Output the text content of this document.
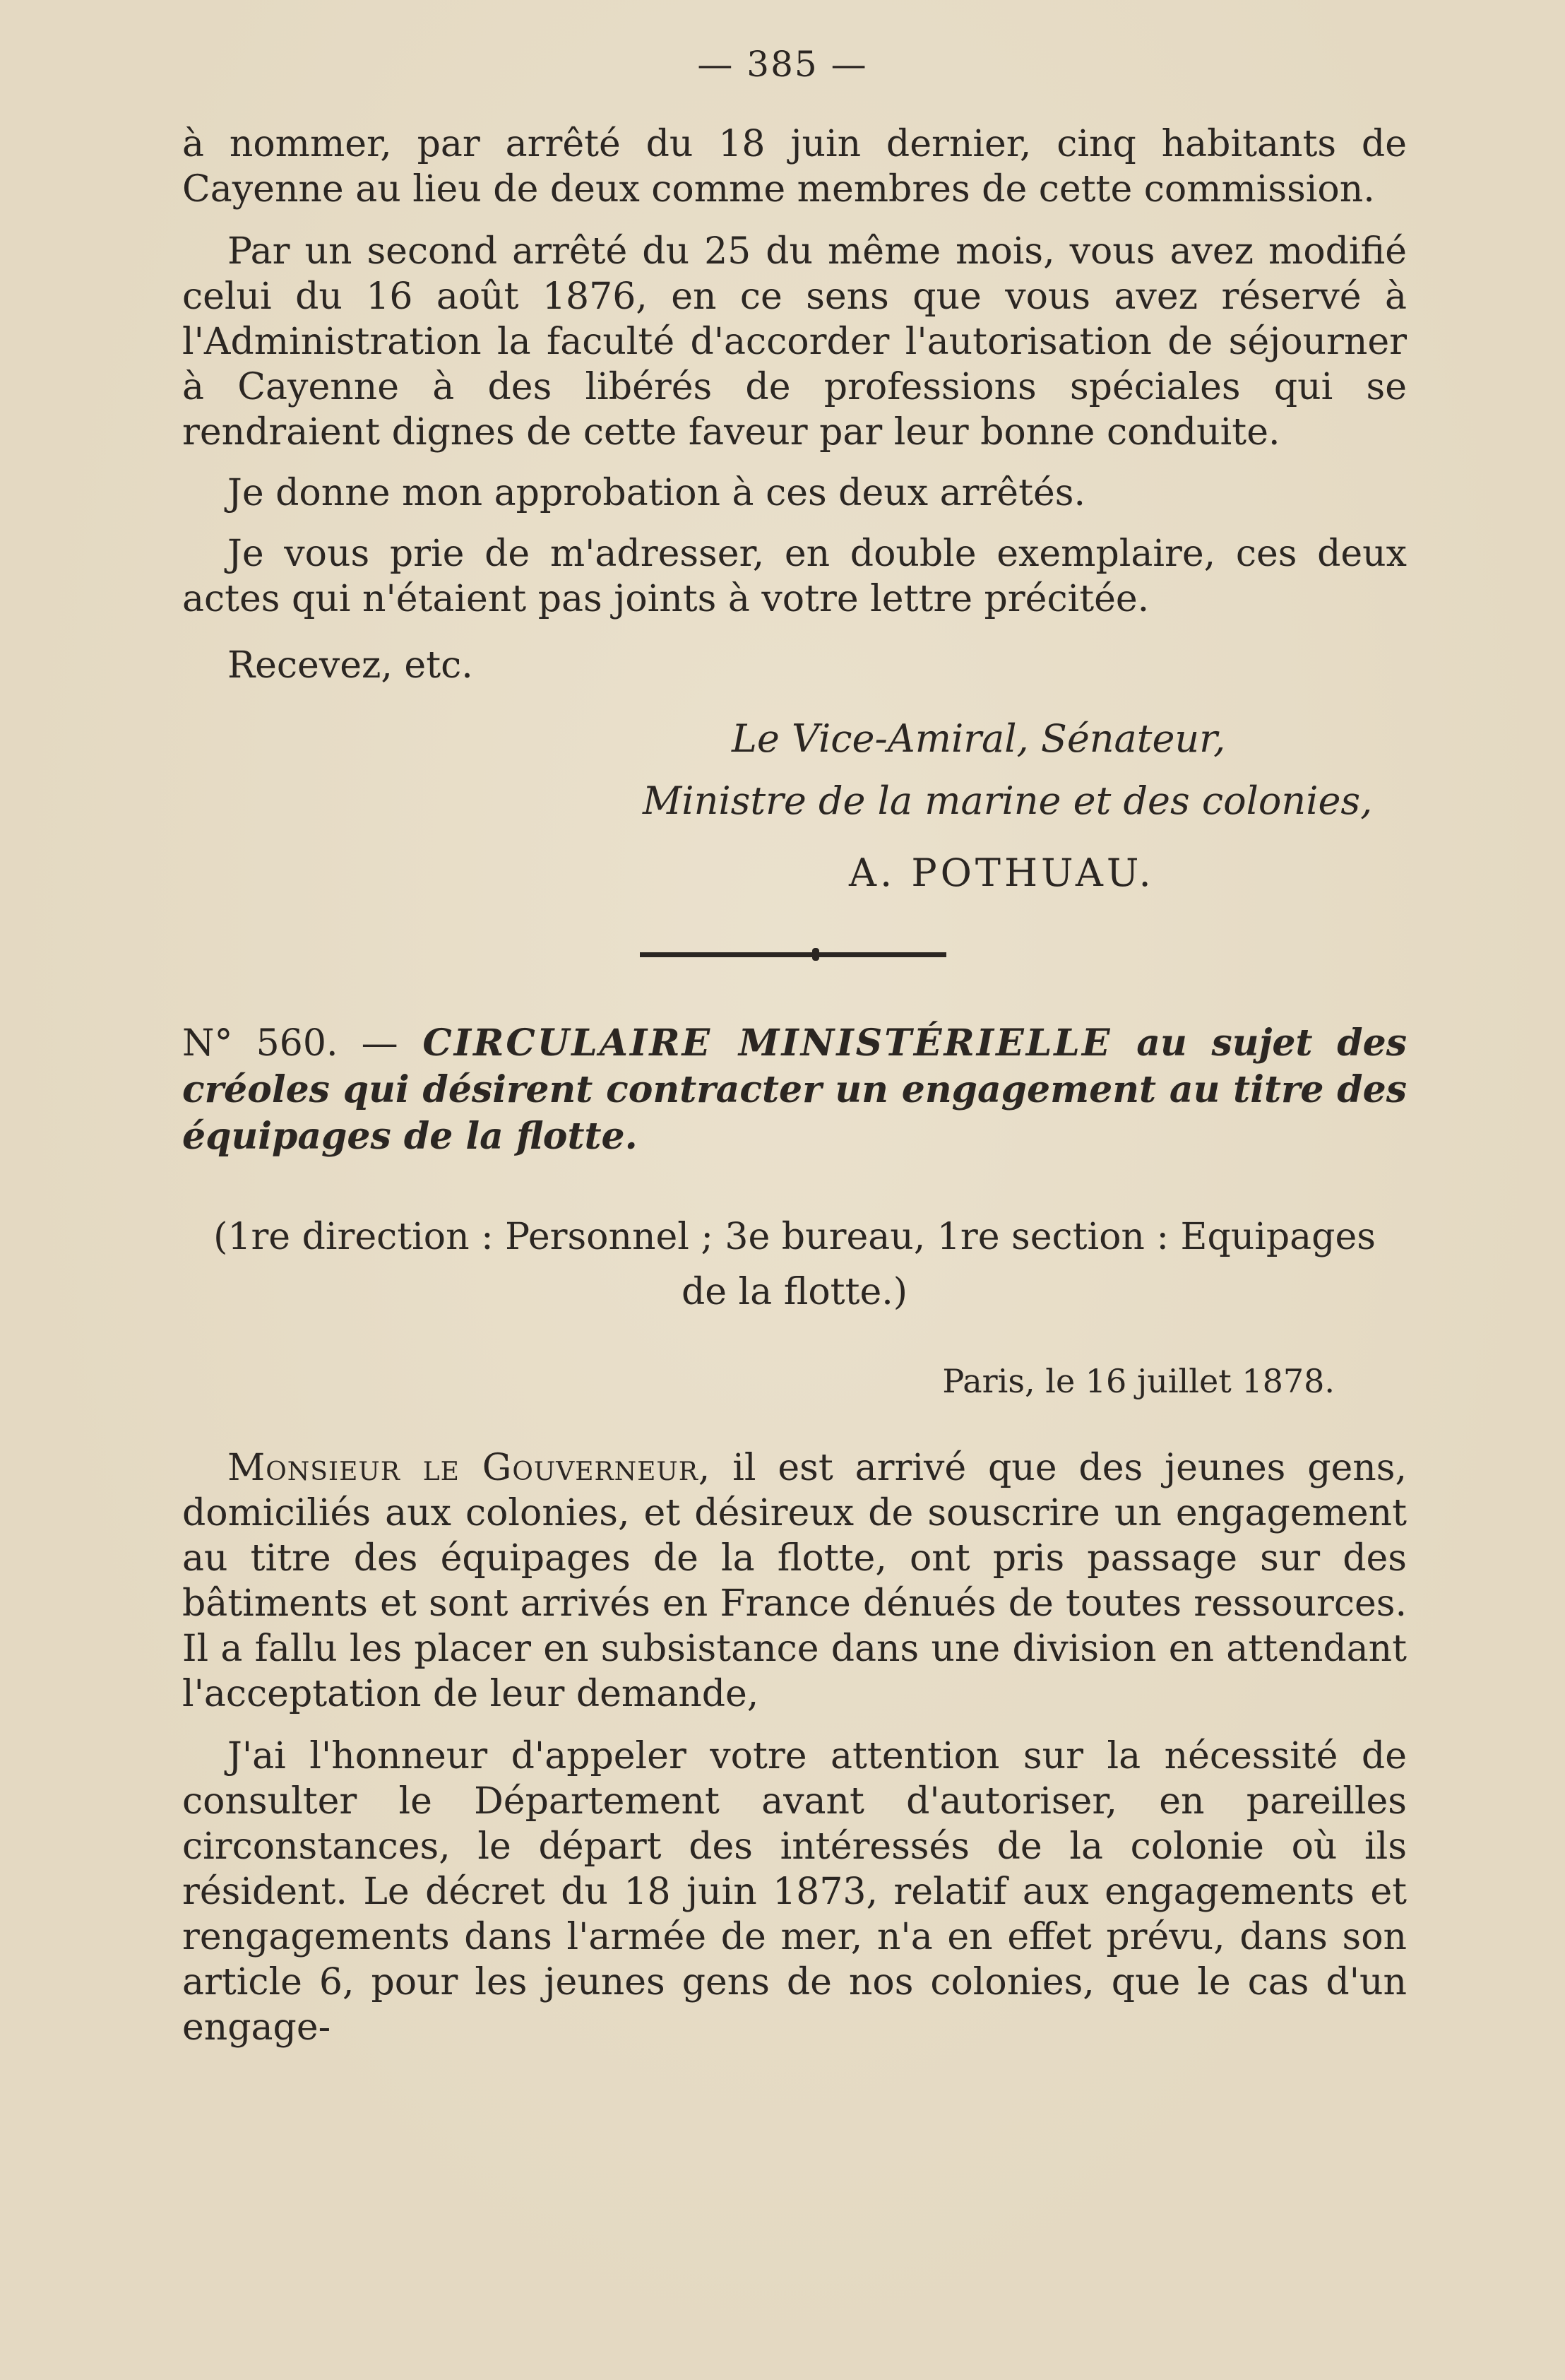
— 385 —

à nommer, par arrêté du 18 juin dernier, cinq habitants de Cayenne au lieu de deux comme membres de cette commission.

Par un second arrêté du 25 du même mois, vous avez modifié celui du 16 août 1876, en ce sens que vous avez réservé à l'Administration la faculté d'accorder l'autorisation de séjourner à Cayenne à des libérés de professions spéciales qui se rendraient dignes de cette faveur par leur bonne conduite.

Je donne mon approbation à ces deux arrêtés.

Je vous prie de m'adresser, en double exemplaire, ces deux actes qui n'étaient pas joints à votre lettre précitée.

Recevez, etc.

Le Vice-Amiral, Sénateur,
Ministre de la marine et des colonies,
A. POTHUAU.

N° 560. — CIRCULAIRE MINISTÉRIELLE au sujet des créoles qui désirent contracter un engagement au titre des équipages de la flotte.

(1re direction : Personnel ; 3e bureau, 1re section : Equipages
de la flotte.)
Paris, le 16 juillet 1878.

Monsieur le Gouverneur, il est arrivé que des jeunes gens, domiciliés aux colonies, et désireux de souscrire un engagement au titre des équipages de la flotte, ont pris passage sur des bâtiments et sont arrivés en France dénués de toutes ressources. Il a fallu les placer en subsistance dans une division en attendant l'acceptation de leur demande,

J'ai l'honneur d'appeler votre attention sur la nécessité de consulter le Département avant d'autoriser, en pareilles circonstances, le départ des intéressés de la colonie où ils résident. Le décret du 18 juin 1873, relatif aux engagements et rengagements dans l'armée de mer, n'a en effet prévu, dans son article 6, pour les jeunes gens de nos colonies, que le cas d'un engage-
